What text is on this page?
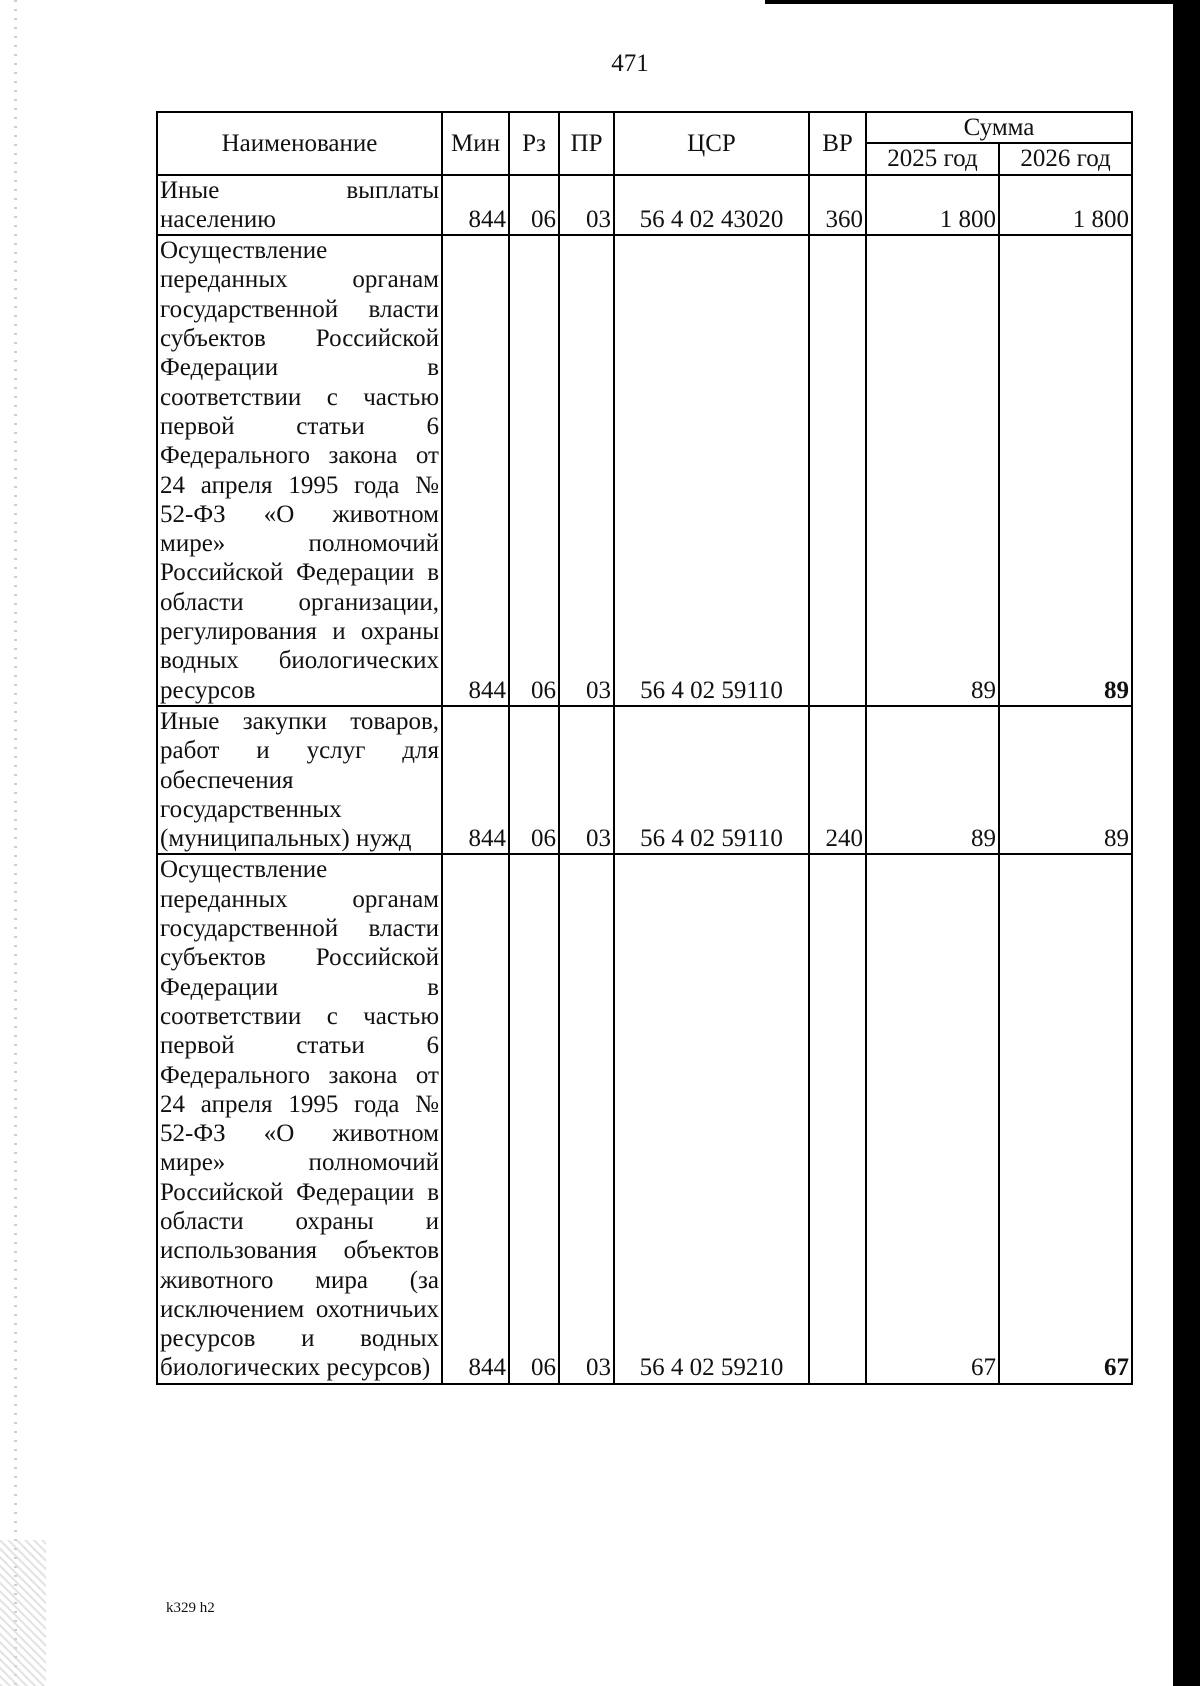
471
Наименование	Мин	Рз	ПР	ЦСР	ВР	Сумма	
						2025 год	2026 год
Иные выплаты населению	844	06	03	56 4 02 43020	360	1 800	1 800
Осуществление переданных органам государственной власти субъектов Российской Федерации в соответствии с частью первой статьи 6 Федерального закона от 24 апреля 1995 года № 52-ФЗ «О животном мире» полномочий Российской Федерации в области организации, регулирования и охраны водных биологических ресурсов	844	06	03	56 4 02 59110		89	89
Иные закупки товаров, работ и услуг для обеспечения государственных (муниципальных) нужд	844	06	03	56 4 02 59110	240	89	89
Осуществление переданных органам государственной власти субъектов Российской Федерации в соответствии с частью первой статьи 6 Федерального закона от 24 апреля 1995 года № 52-ФЗ «О животном мире» полномочий Российской Федерации в области охраны и использования объектов животного мира (за исключением охотничьих ресурсов и водных биологических ресурсов)	844	06	03	56 4 02 59210		67	67
k329 h2
